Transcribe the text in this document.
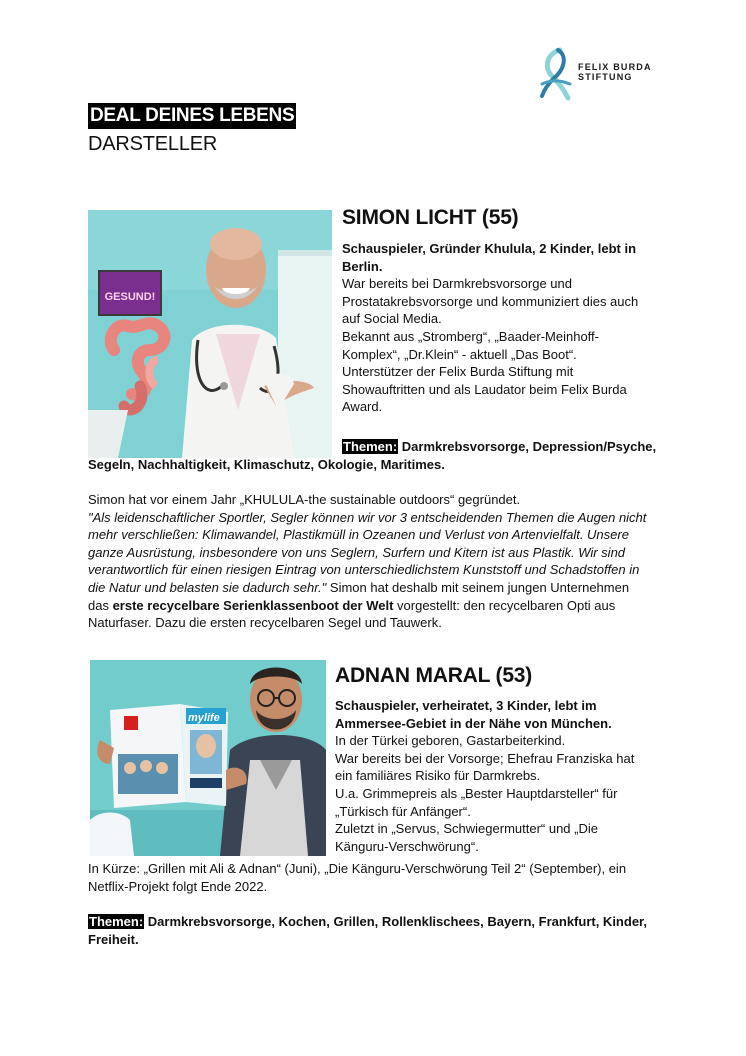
FELIX BURDA
STIFTUNG
DEAL DEINES LEBENS
DARSTELLER
GESUND!
SIMON LICHT (55)

Schauspieler, Gründer Khulula, 2 Kinder, lebt in Berlin.

War bereits bei Darmkrebsvorsorge und

Prostatakrebsvorsorge und kommuniziert dies auch

auf Social Media.

Bekannt aus „Stromberg“, „Baader-Meinhoff-

Komplex“, „Dr.Klein“ - aktuell „Das Boot“.

Unterstützer der Felix Burda Stiftung mit

Showauftritten und als Laudator beim Felix Burda

Award.

Themen: Darmkrebsvorsorge, Depression/Psyche,
Segeln, Nachhaltigkeit, Klimaschutz, Okologie, Maritimes.

Simon hat vor einem Jahr „KHULULA-the sustainable outdoors“ gegründet.

"Als leidenschaftlicher Sportler, Segler können wir vor 3 entscheidenden Themen die Augen nicht

mehr verschließen: Klimawandel, Plastikmüll in Ozeanen und Verlust von Artenvielfalt. Unsere

ganze Ausrüstung, insbesondere von uns Seglern, Surfern und Kitern ist aus Plastik. Wir sind

verantwortlich für einen riesigen Eintrag von unterschiedlichstem Kunststoff und Schadstoffen in

die Natur und belasten sie dadurch sehr." Simon hat deshalb mit seinem jungen Unternehmen

das erste recycelbare Serienklassenboot der Welt vorgestellt: den recycelbaren Opti aus

Naturfaser. Dazu die ersten recycelbaren Segel und Tauwerk.

mylife
ADNAN MARAL (53)

Schauspieler, verheiratet, 3 Kinder, lebt im

Ammersee-Gebiet in der Nähe von München.

In der Türkei geboren, Gastarbeiterkind.

War bereits bei der Vorsorge; Ehefrau Franziska hat

ein familiäres Risiko für Darmkrebs.

U.a. Grimmepreis als „Bester Hauptdarsteller“ für

„Türkisch für Anfänger“.

Zuletzt in „Servus, Schwiegermutter“ und „Die

Känguru-Verschwörung“.

In Kürze: „Grillen mit Ali & Adnan“ (Juni), „Die Känguru-Verschwörung Teil 2“ (September), ein

Netflix-Projekt folgt Ende 2022.

Themen: Darmkrebsvorsorge, Kochen, Grillen, Rollenklischees, Bayern, Frankfurt, Kinder,

Freiheit.
